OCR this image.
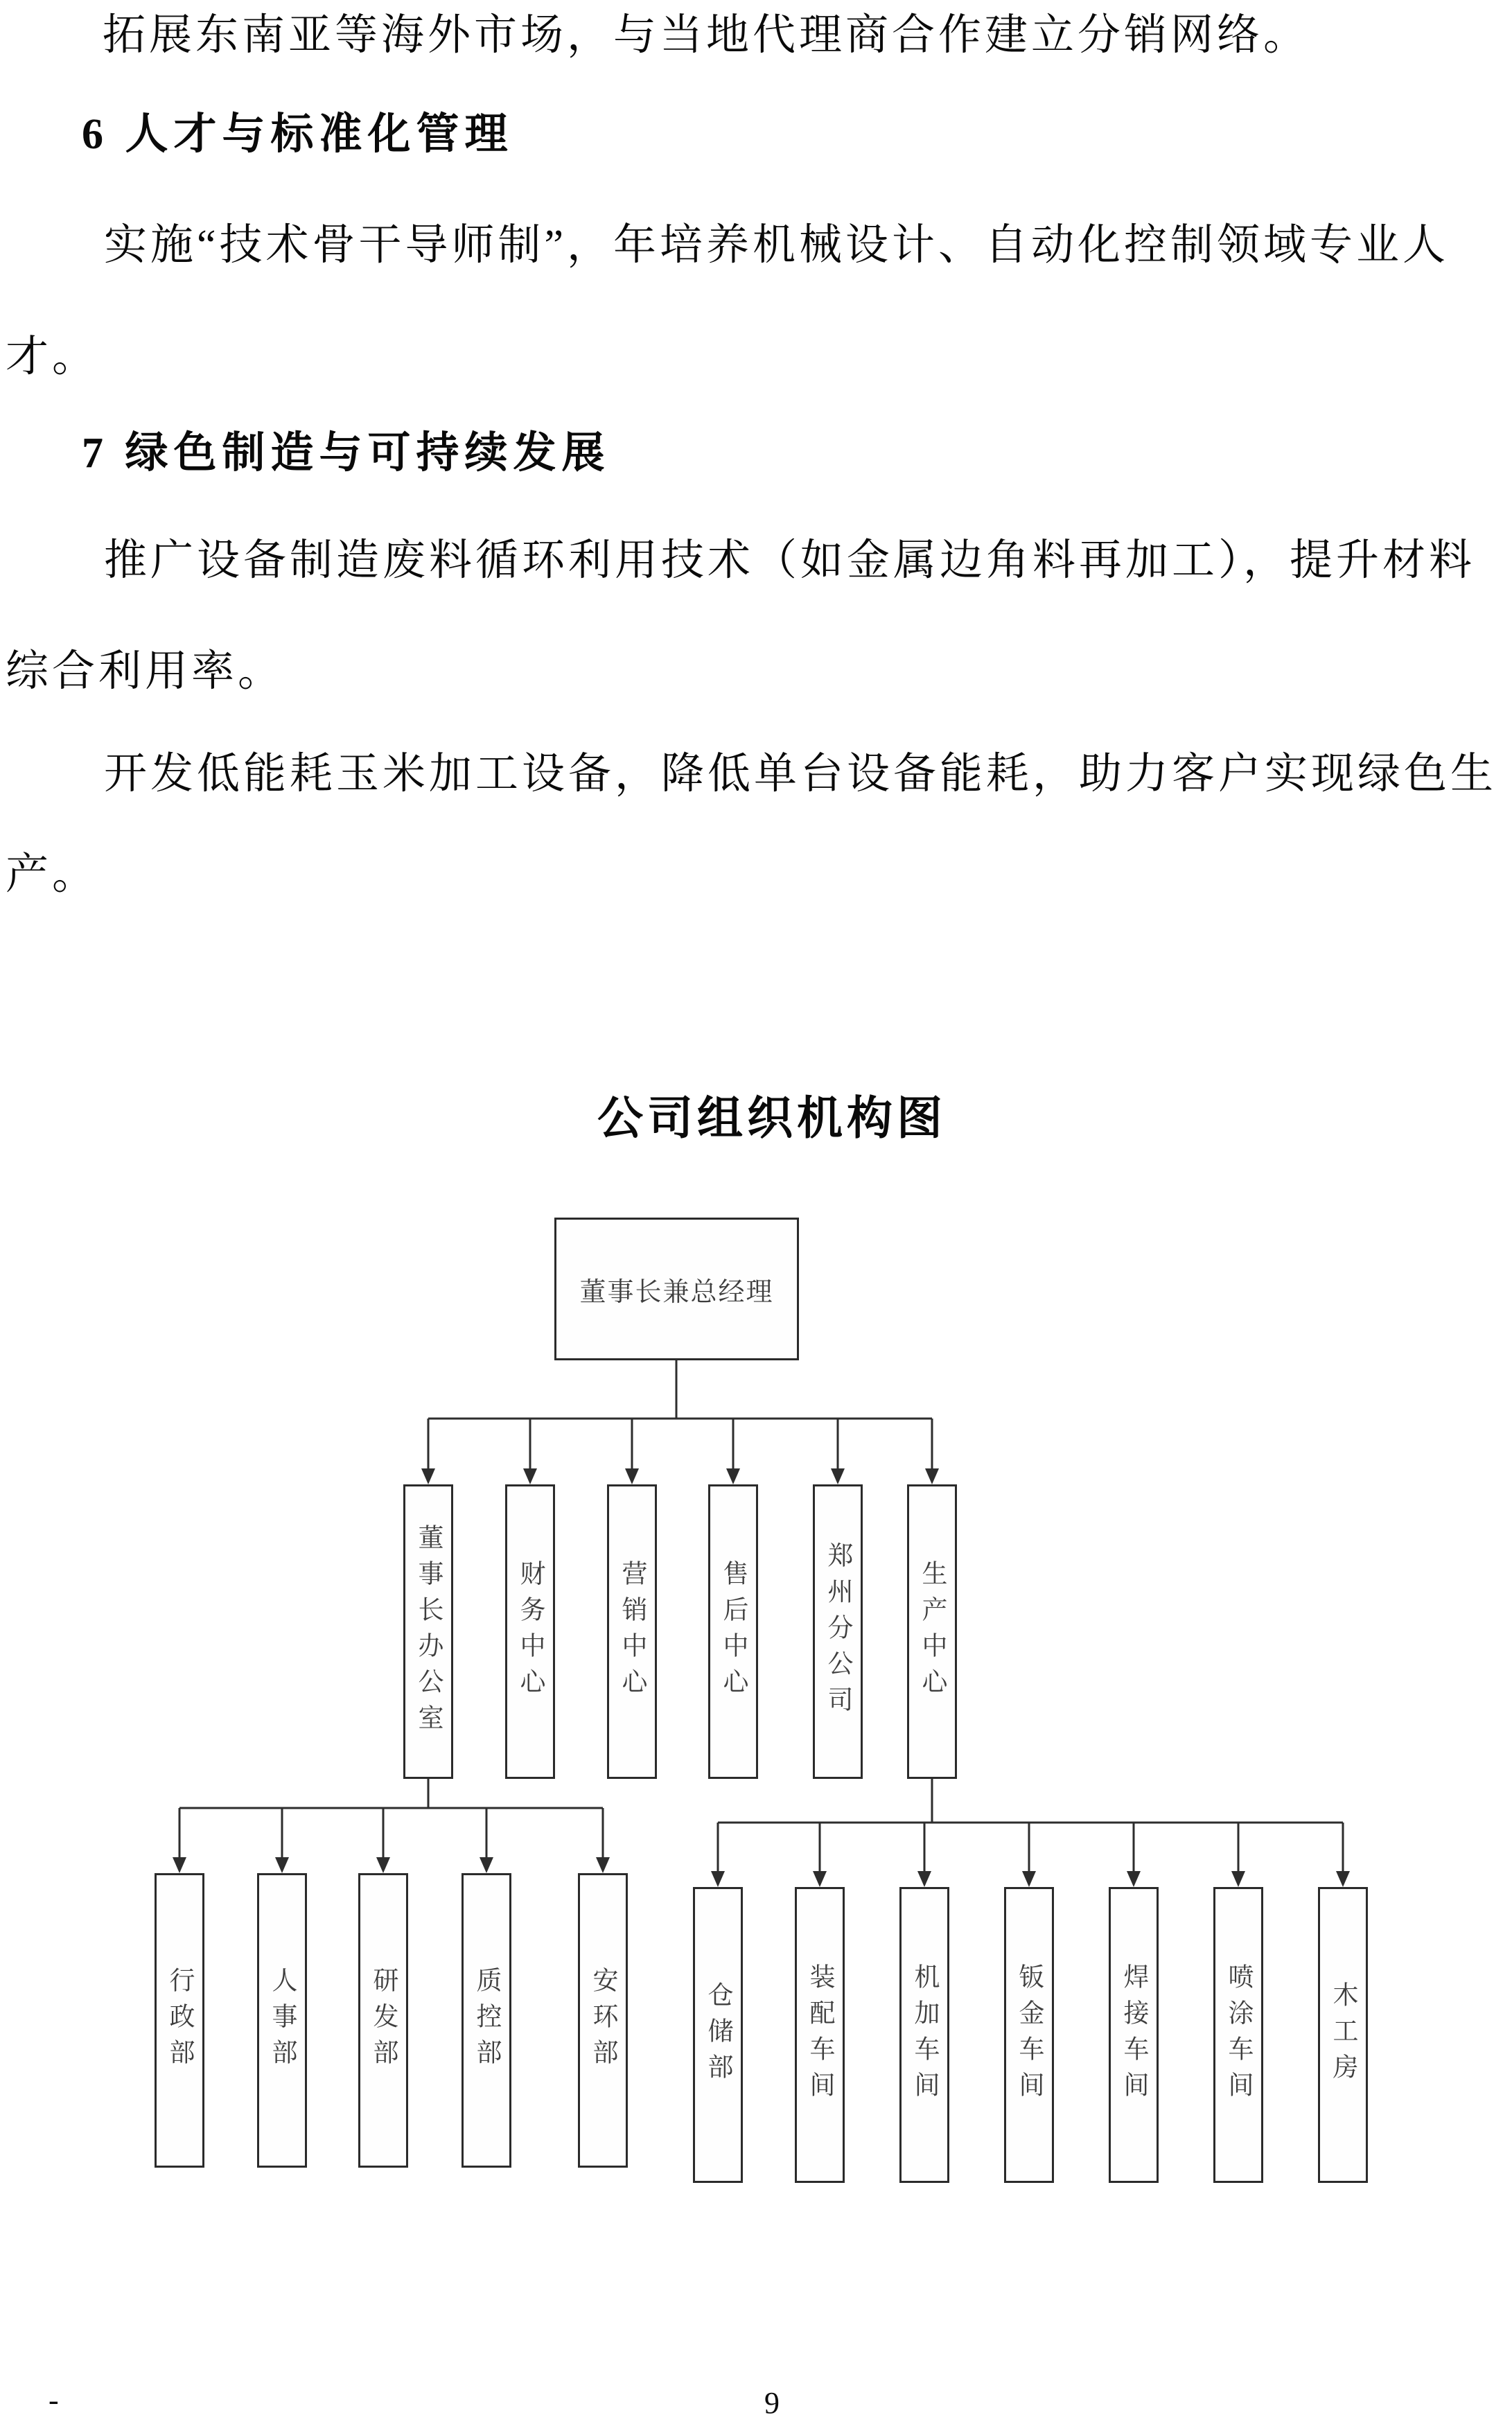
拓展东南亚等海外市场，与当地代理商合作建立分销网络。
6 人才与标准化管理
实施“技术骨干导师制”，年培养机械设计、自动化控制领域专业人
才。
7 绿色制造与可持续发展
推广设备制造废料循环利用技术（如金属边角料再加工），提升材料
综合利用率。
开发低能耗玉米加工设备，降低单台设备能耗，助力客户实现绿色生
产。
公司组织机构图
董事长兼总经理
董事长办公室	财务中心	营销中心	售后中心	郑州分公司	生产中心
行政部	人事部	研发部	质控部	安环部	仓储部	装配车间	机加车间	钣金车间	焊接车间	喷涂车间	木工房
-	9
